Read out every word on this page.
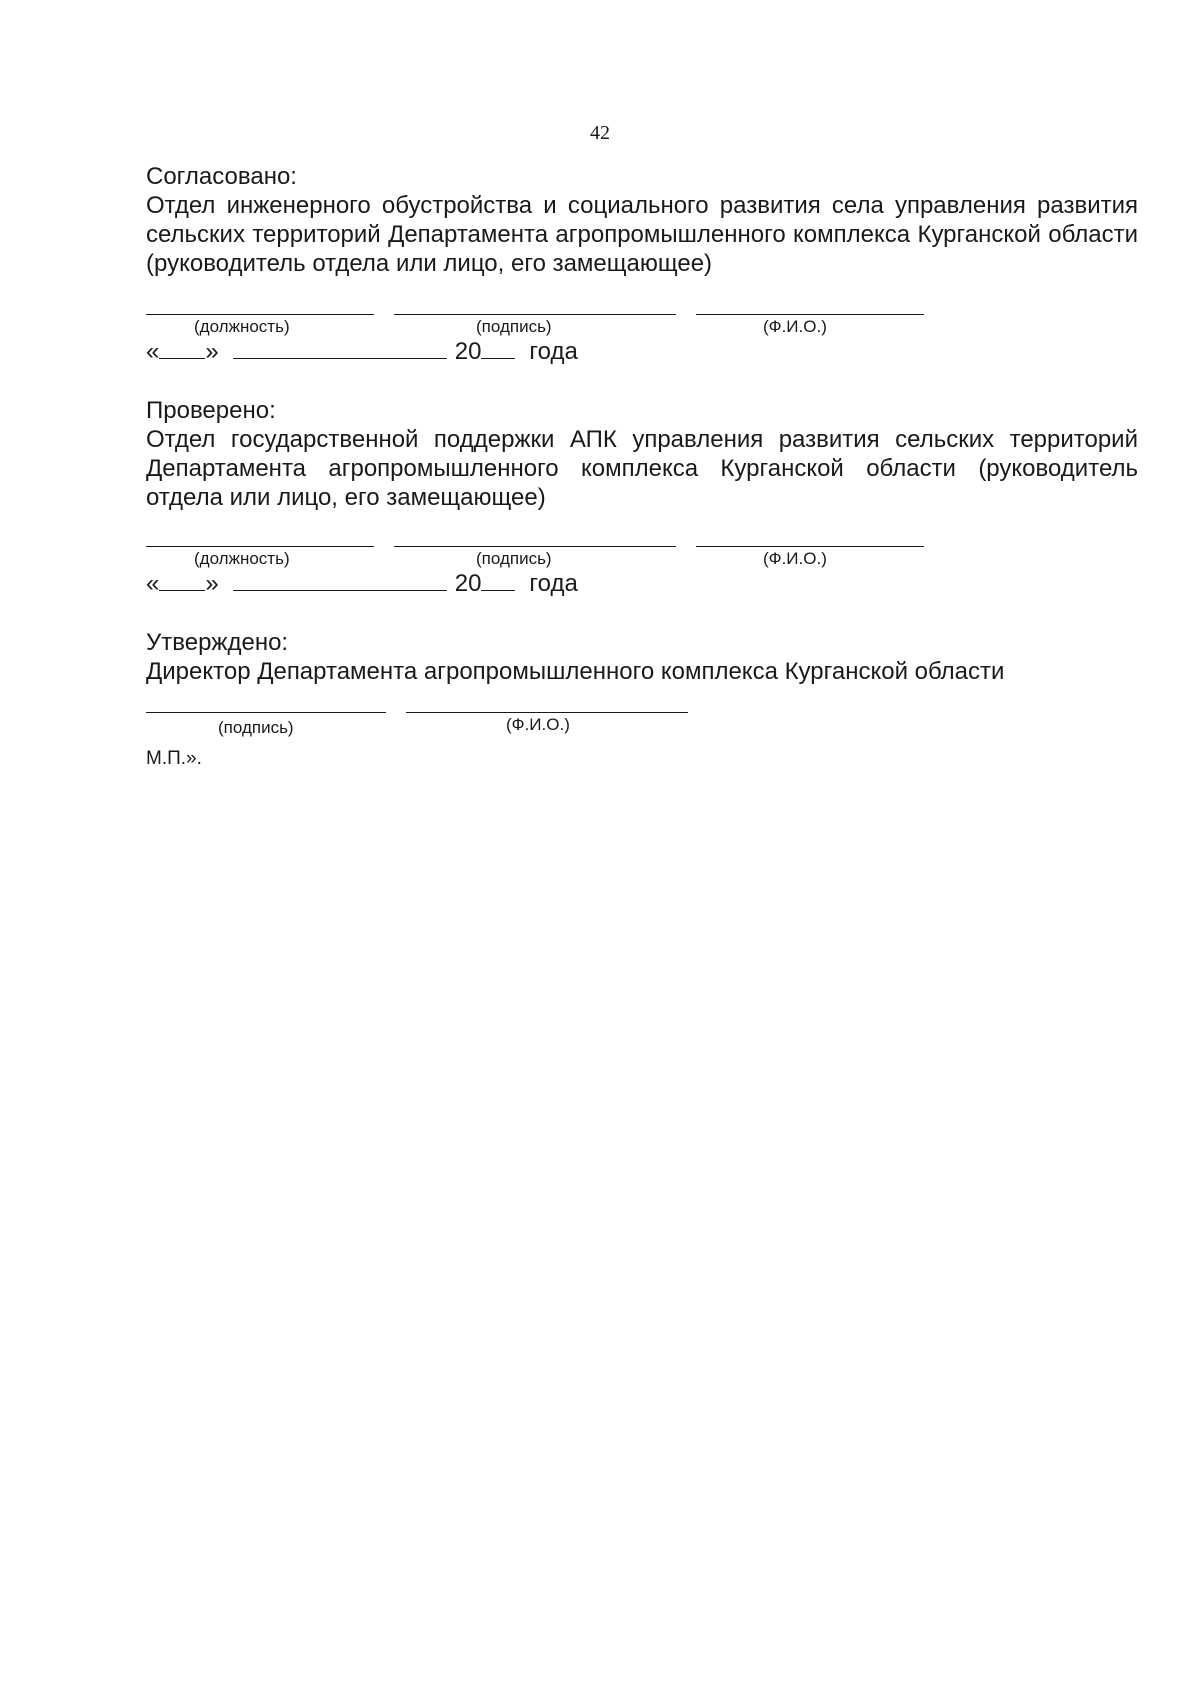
42
Согласовано:
Отдел инженерного обустройства и социального развития села управления развития сельских территорий Департамента агропромышленного комплекса Курганской области (руководитель отдела или лицо, его замещающее)
(должность)	(подпись)	(Ф.И.О.)
« »	20 года
Проверено:
Отдел государственной поддержки АПК управления развития сельских территорий Департамента агропромышленного комплекса Курганской области (руководитель отдела или лицо, его замещающее)
(должность)	(подпись)	(Ф.И.О.)
« »	20 года
Утверждено:
Директор Департамента агропромышленного комплекса Курганской области
(подпись)	(Ф.И.О.)
М.П.».
